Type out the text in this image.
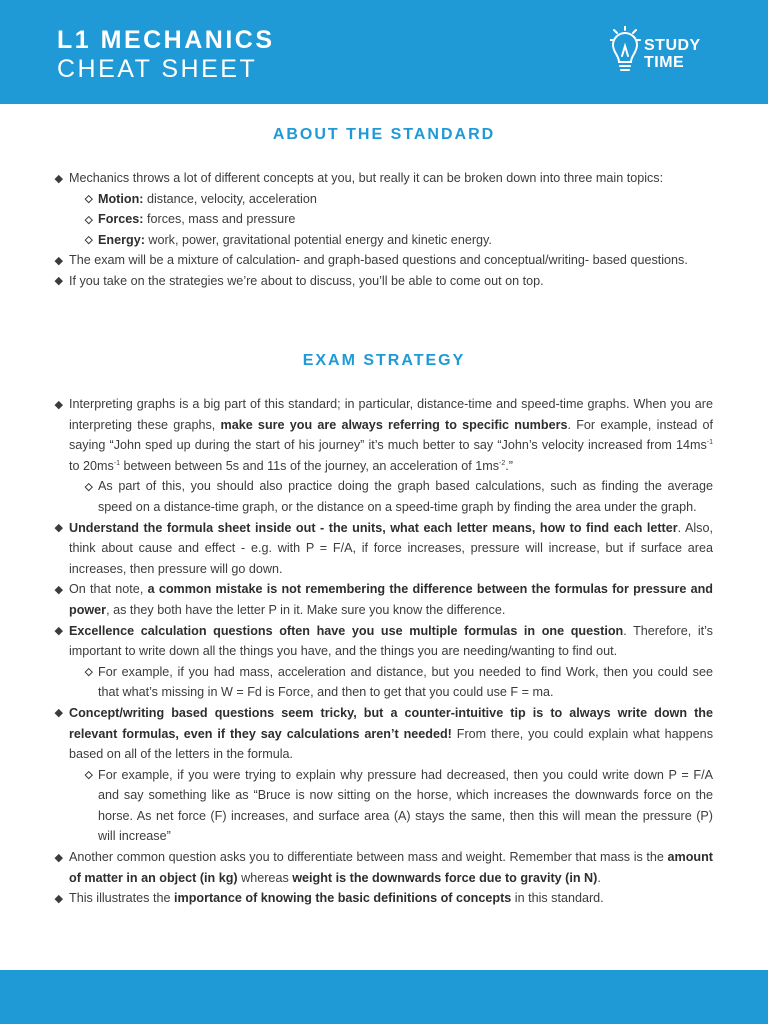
L1 MECHANICS
CHEAT SHEET
STUDY
TIME
ABOUT THE STANDARD
Mechanics throws a lot of different concepts at you, but really it can be broken down into three main topics:
Motion: distance, velocity, acceleration
Forces: forces, mass and pressure
Energy: work, power, gravitational potential energy and kinetic energy.
The exam will be a mixture of calculation- and graph-based questions and conceptual/writing- based questions.
If you take on the strategies we’re about to discuss, you’ll be able to come out on top.
EXAM STRATEGY
Interpreting graphs is a big part of this standard; in particular, distance-time and speed-time graphs. When you are interpreting these graphs, make sure you are always referring to specific numbers. For example, instead of saying “John sped up during the start of his journey” it’s much better to say “John’s velocity increased from $14ms^{-1}$ to $20ms^{-1}$ between between 5s and 11s of the journey, an acceleration of $1ms^{-2}$.”
As part of this, you should also practice doing the graph based calculations, such as finding the average speed on a distance-time graph, or the distance on a speed-time graph by finding the area under the graph.
Understand the formula sheet inside out - the units, what each letter means, how to find each letter. Also, think about cause and effect - e.g. with P = F/A, if force increases, pressure will increase, but if surface area increases, then pressure will go down.
On that note, a common mistake is not remembering the difference between the formulas for pressure and power, as they both have the letter P in it. Make sure you know the difference.
Excellence calculation questions often have you use multiple formulas in one question. Therefore, it’s important to write down all the things you have, and the things you are needing/wanting to find out.
For example, if you had mass, acceleration and distance, but you needed to find Work, then you could see that what’s missing in W = Fd is Force, and then to get that you could use F = ma.
Concept/writing based questions seem tricky, but a counter-intuitive tip is to always write down the relevant formulas, even if they say calculations aren’t needed! From there, you could explain what happens based on all of the letters in the formula.
For example, if you were trying to explain why pressure had decreased, then you could write down P = F/A and say something like as “Bruce is now sitting on the horse, which increases the downwards force on the horse. As net force (F) increases, and surface area (A) stays the same, then this will mean the pressure (P) will increase”
Another common question asks you to differentiate between mass and weight. Remember that mass is the amount of matter in an object (in kg) whereas weight is the downwards force due to gravity (in N).
This illustrates the importance of knowing the basic definitions of concepts in this standard.
